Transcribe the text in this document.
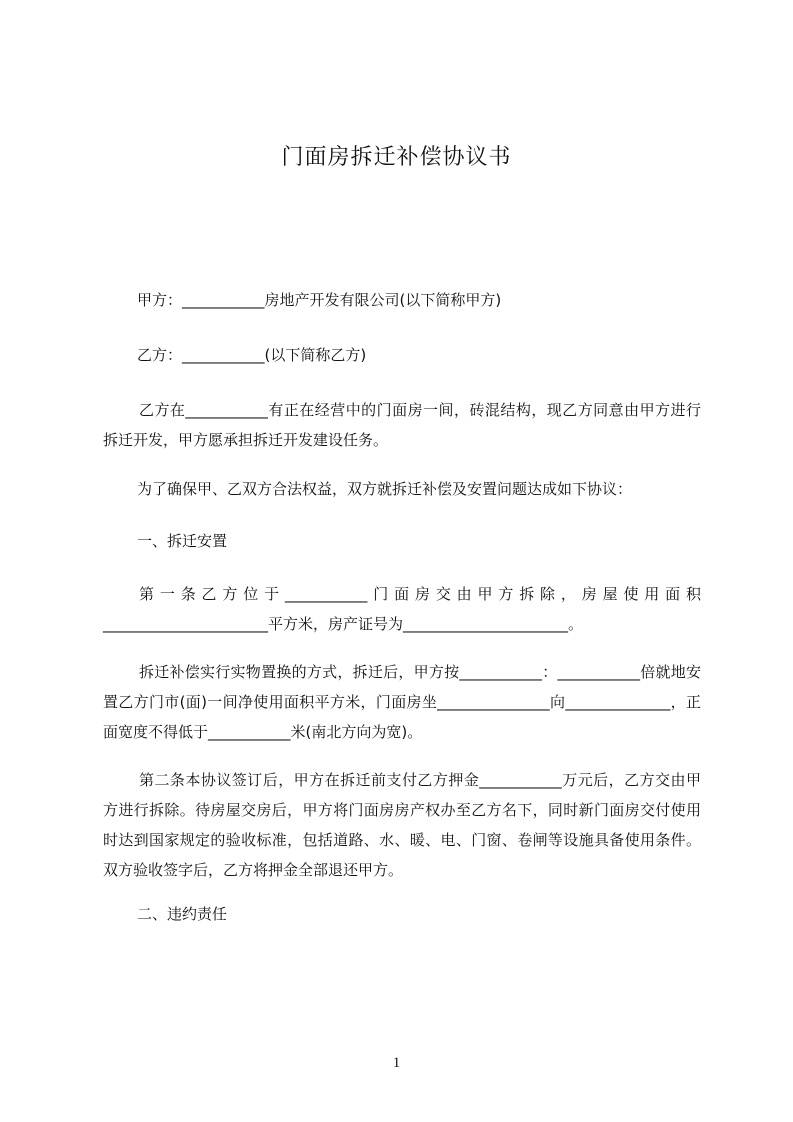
门面房拆迁补偿协议书
甲方：___________房地产开发有限公司(以下简称甲方)
乙方：___________(以下简称乙方)
乙方在___________有正在经营中的门面房一间，砖混结构，现乙方同意由甲方进行拆迁开发，甲方愿承担拆迁开发建设任务。
为了确保甲、乙双方合法权益，双方就拆迁补偿及安置问题达成如下协议：
一、拆迁安置
第一条乙方位于___________门面房交由甲方拆除，房屋使用面积______________________平方米，房产证号为______________________。
拆迁补偿实行实物置换的方式，拆迁后，甲方按___________：___________倍就地安置乙方门市(面)一间净使用面积平方米，门面房坐_______________向______________，正面宽度不得低于___________米(南北方向为宽)。
第二条本协议签订后，甲方在拆迁前支付乙方押金___________万元后，乙方交由甲方进行拆除。待房屋交房后，甲方将门面房房产权办至乙方名下，同时新门面房交付使用时达到国家规定的验收标准，包括道路、水、暖、电、门窗、卷闸等设施具备使用条件。双方验收签字后，乙方将押金全部退还甲方。
二、违约责任
1
